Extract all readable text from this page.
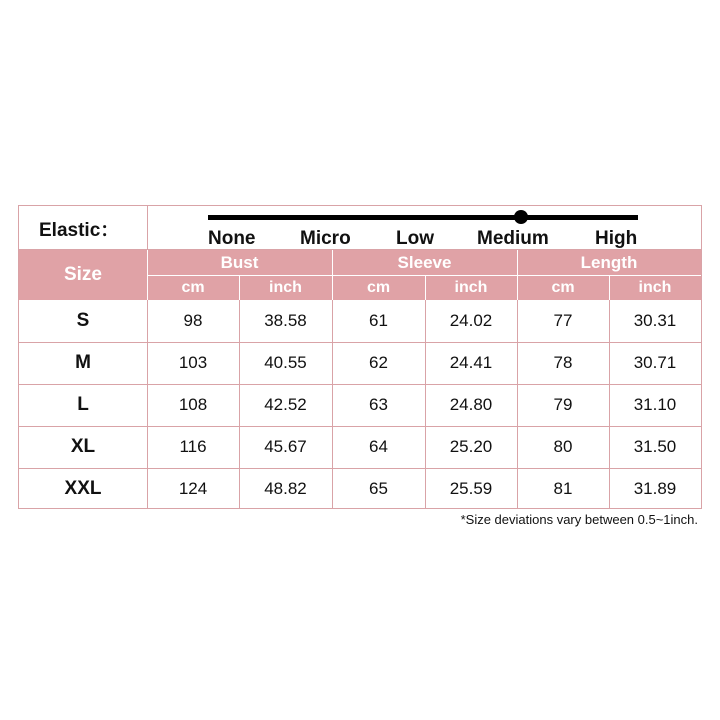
Elastic：	None Micro Low Medium High
Size
Bust	Sleeve	Length
cm	inch	cm	inch	cm	inch
S	98	38.58	61	24.02	77	30.31
M	103	40.55	62	24.41	78	30.71
L	108	42.52	63	24.80	79	31.10
XL	116	45.67	64	25.20	80	31.50
XXL	124	48.82	65	25.59	81	31.89
*Size deviations vary between 0.5~1inch.
